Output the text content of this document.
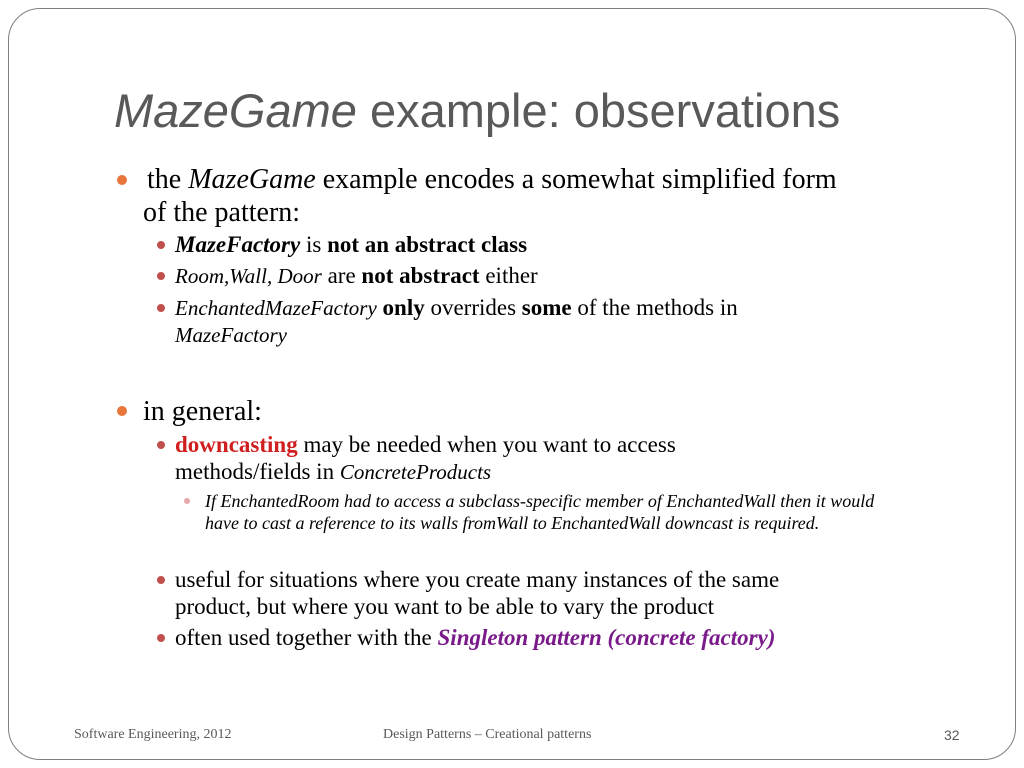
MazeGame example: observations
the MazeGame example encodes a somewhat simplified form
of the pattern:
MazeFactory is not an abstract class
Room,Wall, Door are not abstract either
EnchantedMazeFactory only overrides some of the methods in
MazeFactory
in general:
downcasting may be needed when you want to access
methods/fields in ConcreteProducts
If EnchantedRoom had to access a subclass-specific member of EnchantedWall then it would
have to cast a reference to its walls fromWall to EnchantedWall downcast is required.
useful for situations where you create many instances of the same
product, but where you want to be able to vary the product
often used together with the Singleton pattern (concrete factory)
Software Engineering, 2012	Design Patterns – Creational patterns	32
